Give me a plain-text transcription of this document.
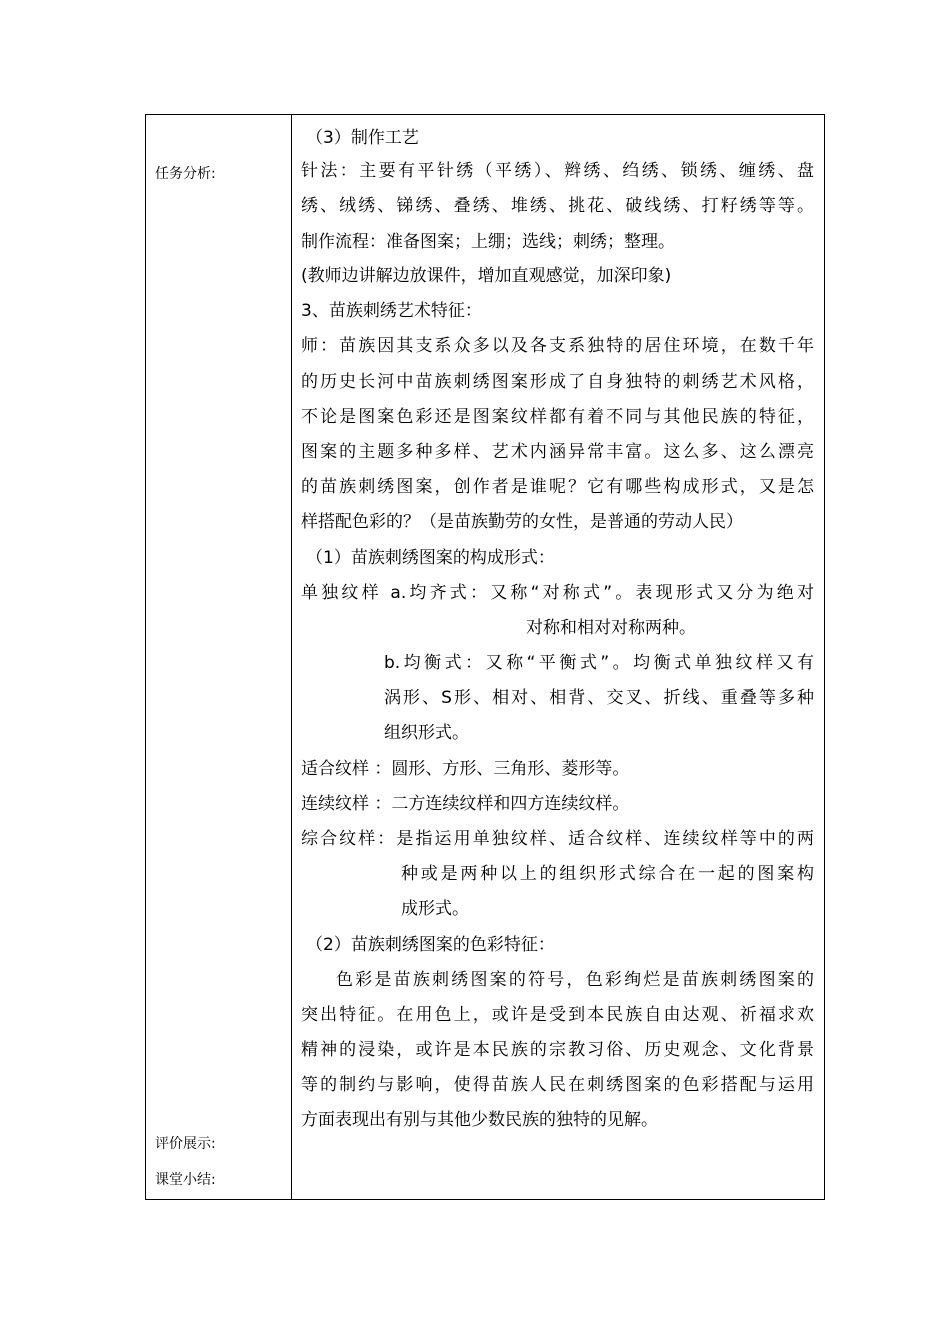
任务分析:
评价展示:
课堂小结:
（3）制作工艺
针法：主要有平针绣（平绣）、辫绣、绉绣、锁绣、缠绣、盘
绣、绒绣、锑绣、叠绣、堆绣、挑花、破线绣、打籽绣等等。
制作流程：准备图案；上绷；选线；刺绣；整理。
(教师边讲解边放课件，增加直观感觉，加深印象)
3、苗族刺绣艺术特征：
师：苗族因其支系众多以及各支系独特的居住环境，在数千年
的历史长河中苗族刺绣图案形成了自身独特的刺绣艺术风格，
不论是图案色彩还是图案纹样都有着不同与其他民族的特征，
图案的主题多种多样、艺术内涵异常丰富。这么多、这么漂亮
的苗族刺绣图案，创作者是谁呢？它有哪些构成形式，又是怎
样搭配色彩的？（是苗族勤劳的女性，是普通的劳动人民）
（1）苗族刺绣图案的构成形式：
单独纹样 a.均齐式：又称“对称式”。表现形式又分为绝对
对称和相对对称两种。
b.均衡式：又称“平衡式”。均衡式单独纹样又有
涡形、S形、相对、相背、交叉、折线、重叠等多种
组织形式。
适合纹样 ：圆形、方形、三角形、菱形等。
连续纹样 ：二方连续纹样和四方连续纹样。
综合纹样：是指运用单独纹样、适合纹样、连续纹样等中的两
种或是两种以上的组织形式综合在一起的图案构
成形式。
（2）苗族刺绣图案的色彩特征：
色彩是苗族刺绣图案的符号，色彩绚烂是苗族刺绣图案的
突出特征。在用色上，或许是受到本民族自由达观、祈福求欢
精神的浸染，或许是本民族的宗教习俗、历史观念、文化背景
等的制约与影响，使得苗族人民在刺绣图案的色彩搭配与运用
方面表现出有别与其他少数民族的独特的见解。
